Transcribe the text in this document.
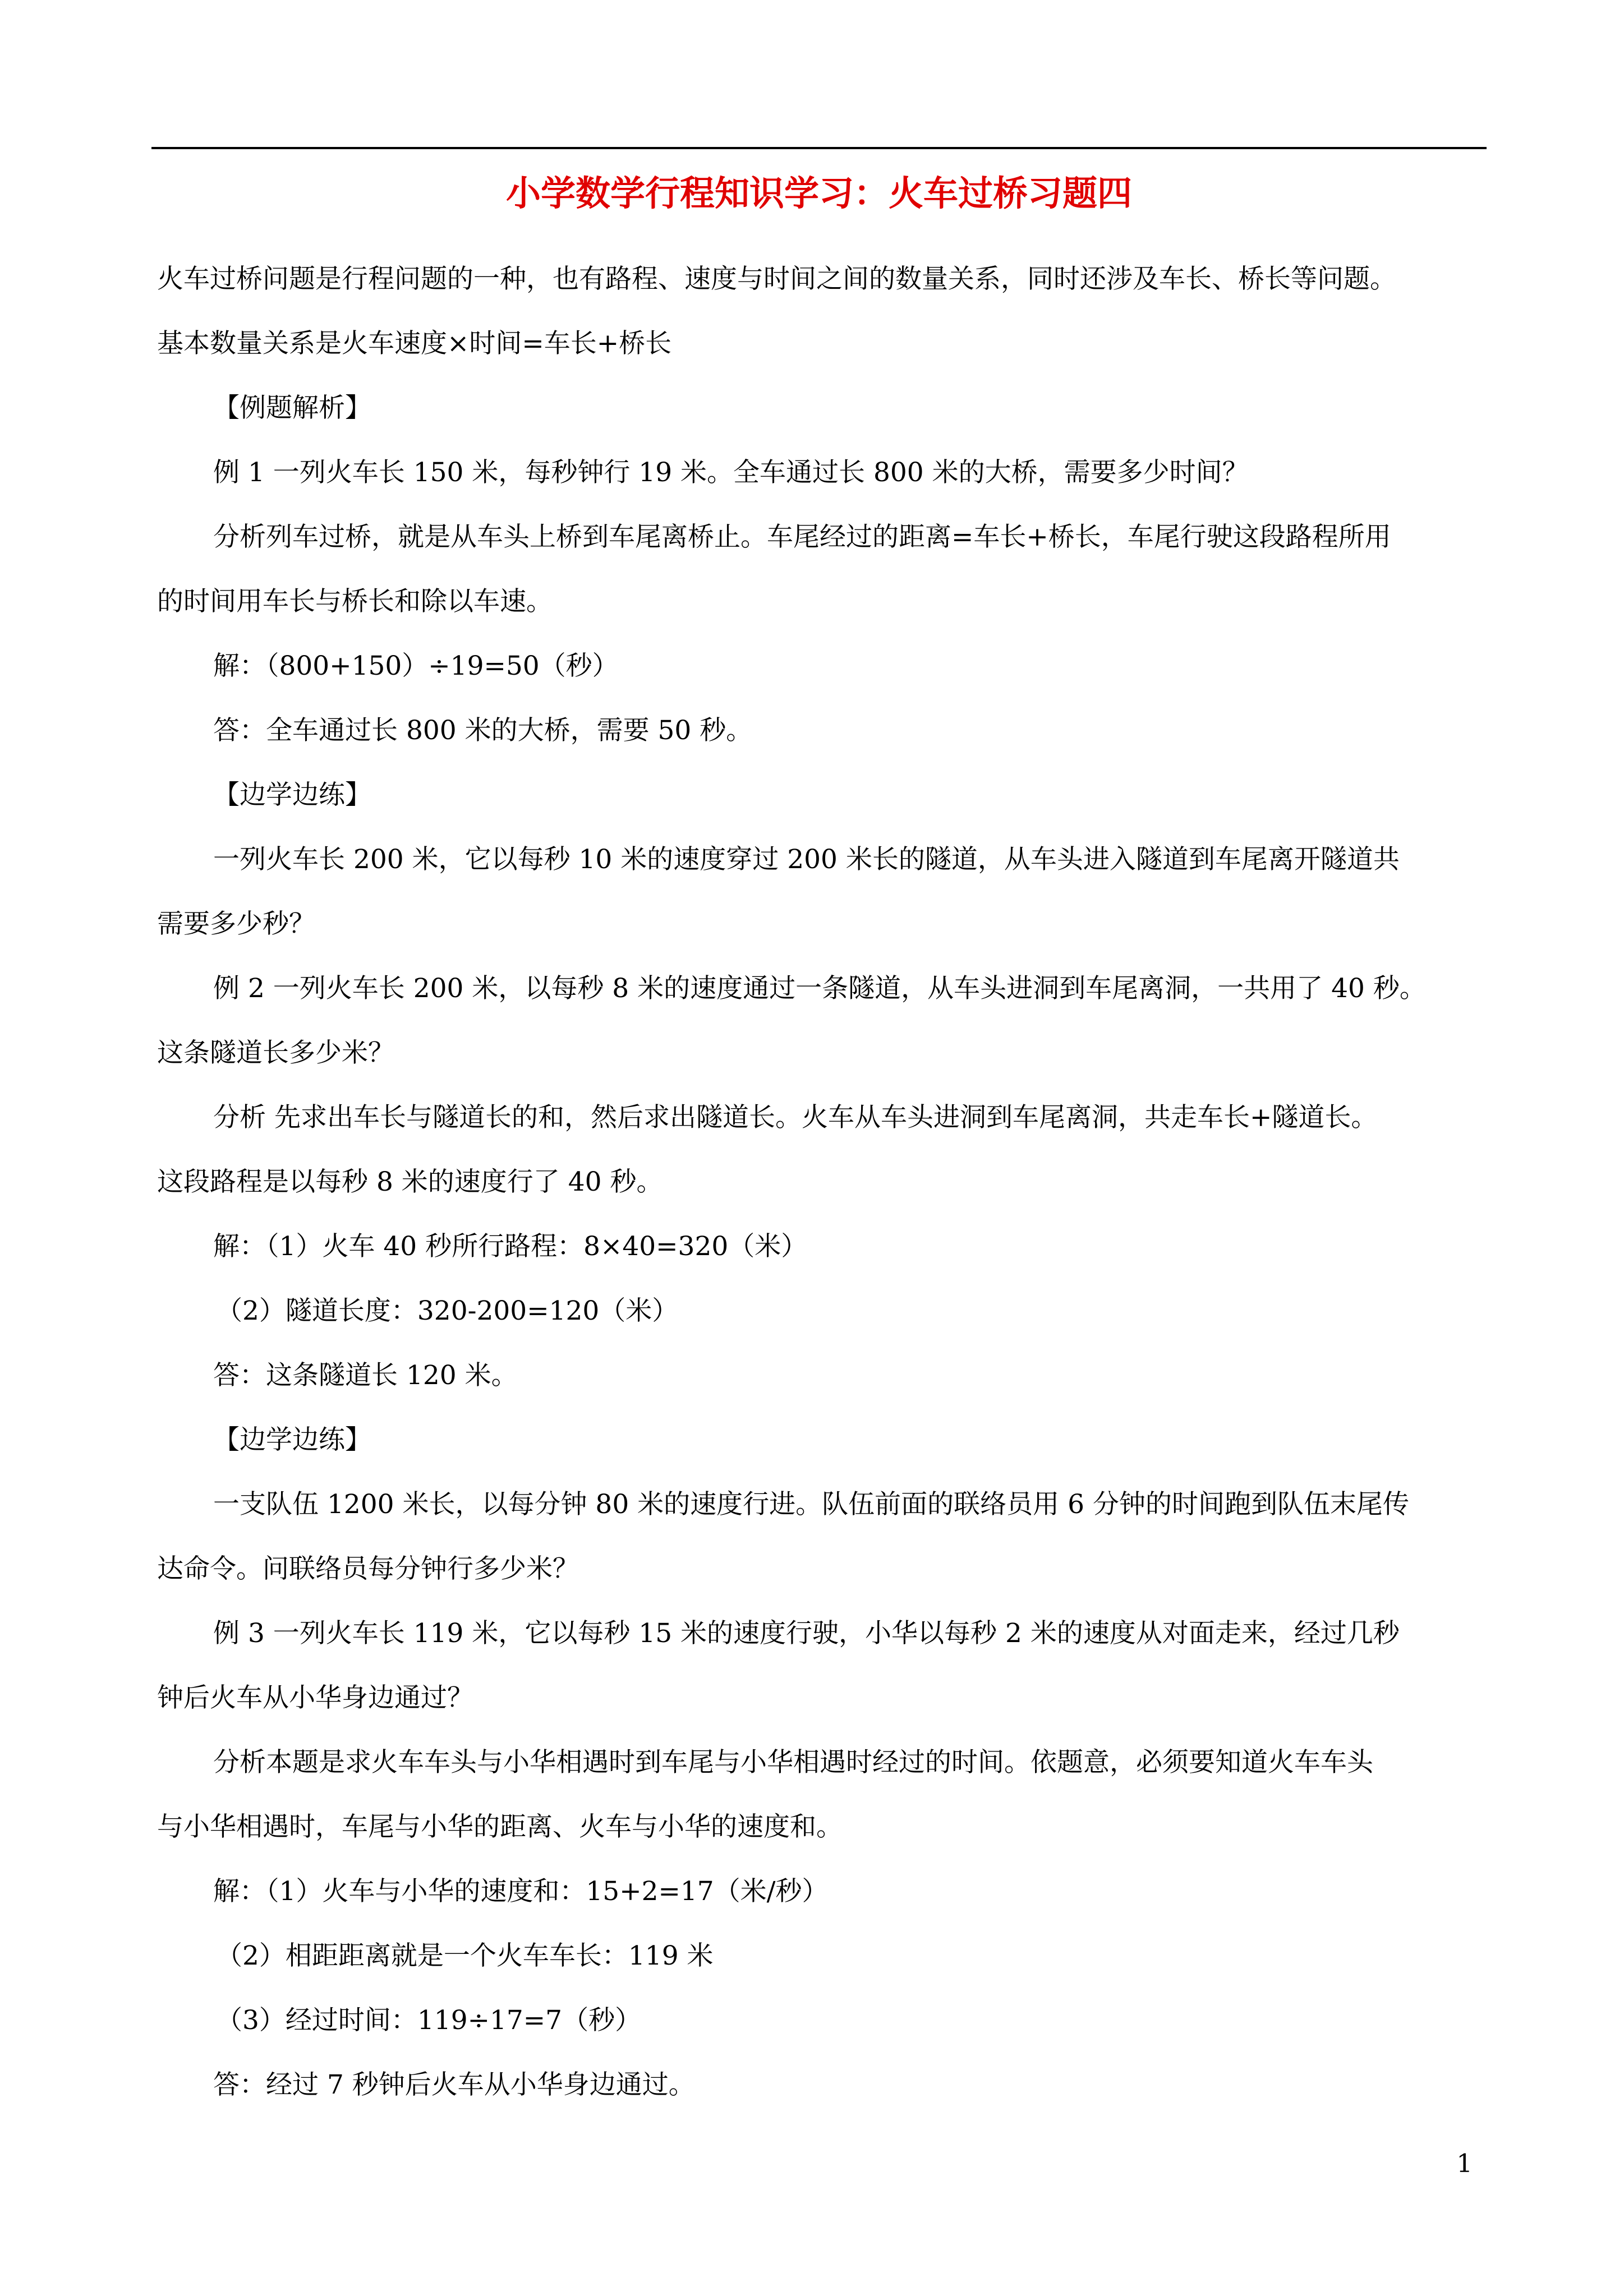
小学数学行程知识学习：火车过桥习题四

火车过桥问题是行程问题的一种，也有路程、速度与时间之间的数量关系，同时还涉及车长、桥长等问题。

基本数量关系是火车速度×时间=车长+桥长

【例题解析】

例 1 一列火车长 150 米，每秒钟行 19 米。全车通过长 800 米的大桥，需要多少时间？

分析列车过桥，就是从车头上桥到车尾离桥止。车尾经过的距离=车长+桥长，车尾行驶这段路程所用

的时间用车长与桥长和除以车速。

解：（800+150）÷19=50（秒）

答：全车通过长 800 米的大桥，需要 50 秒。

【边学边练】

一列火车长 200 米，它以每秒 10 米的速度穿过 200 米长的隧道，从车头进入隧道到车尾离开隧道共

需要多少秒？

例 2 一列火车长 200 米，以每秒 8 米的速度通过一条隧道，从车头进洞到车尾离洞，一共用了 40 秒。

这条隧道长多少米？

分析 先求出车长与隧道长的和，然后求出隧道长。火车从车头进洞到车尾离洞，共走车长+隧道长。

这段路程是以每秒 8 米的速度行了 40 秒。

解：（1）火车 40 秒所行路程：8×40=320（米）

（2）隧道长度：320-200=120（米）

答：这条隧道长 120 米。

【边学边练】

一支队伍 1200 米长，以每分钟 80 米的速度行进。队伍前面的联络员用 6 分钟的时间跑到队伍末尾传

达命令。问联络员每分钟行多少米？

例 3 一列火车长 119 米，它以每秒 15 米的速度行驶，小华以每秒 2 米的速度从对面走来，经过几秒

钟后火车从小华身边通过？

分析本题是求火车车头与小华相遇时到车尾与小华相遇时经过的时间。依题意，必须要知道火车车头

与小华相遇时，车尾与小华的距离、火车与小华的速度和。

解：（1）火车与小华的速度和：15+2=17（米/秒）

（2）相距距离就是一个火车车长：119 米

（3）经过时间：119÷17=7（秒）

答：经过 7 秒钟后火车从小华身边通过。

1
